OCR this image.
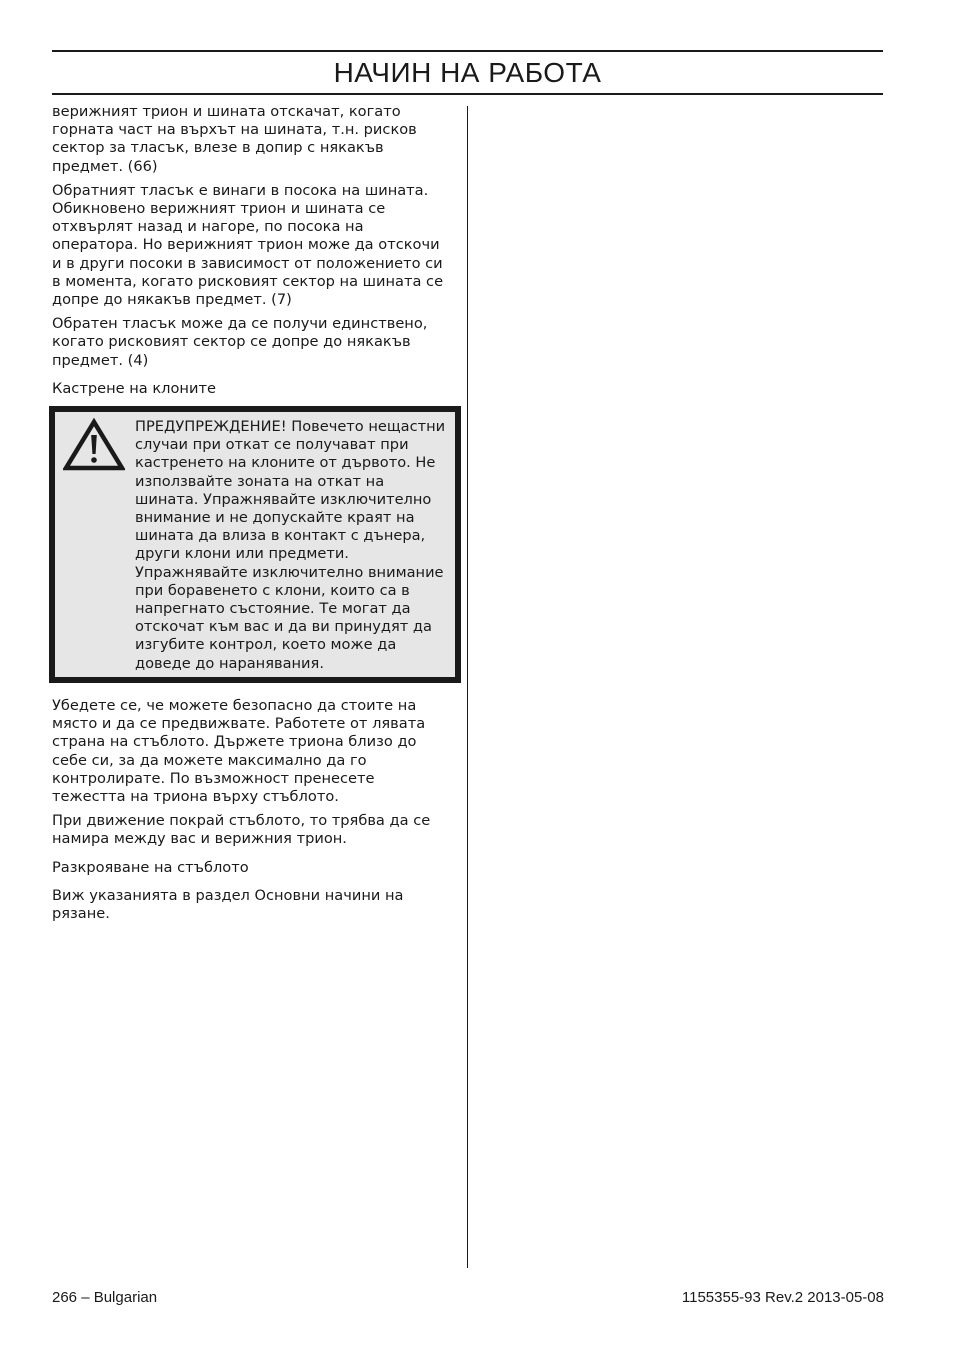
НАЧИН НА РАБОТА

верижният трион и шината отскачат, когато горната част на върхът на шината, т.н. рисков сектор за тласък, влезе в допир с някакъв предмет. (66)

Обратният тласък е винаги в посока на шината. Обикновено верижният трион и шината се отхвърлят назад и нагоре, по посока на оператора. Но верижният трион може да отскочи и в други посоки в зависимост от положението си в момента, когато рисковият сектор на шината се допре до някакъв предмет. (7)

Обратен тласък може да се получи единствено, когато рисковият сектор се допре до някакъв предмет. (4)

Кастрене на клоните

ПРЕДУПРЕЖДЕНИЕ! Повечето нещастни случаи при откат се получават при кастренето на клоните от дървото. Не използвайте зоната на откат на шината. Упражнявайте изключително внимание и не допускайте краят на шината да влиза в контакт с дънера, други клони или предмети. Упражнявайте изключително внимание при боравенето с клони, които са в напрегнато състояние. Те могат да отскочат към вас и да ви принудят да изгубите контрол, което може да доведе до наранявания.

Убедете се, че можете безопасно да стоите на място и да се предвижвате. Работете от лявата страна на стъблото. Държете триона близо до себе си, за да можете максимално да го контролирате. По възможност пренесете тежестта на триона върху стъблото.

При движение покрай стъблото, то трябва да се намира между вас и верижния трион.

Разкрояване на стъблото

Виж указанията в раздел Основни начини на рязане.

266 – Bulgarian	1155355-93 Rev.2 2013-05-08
